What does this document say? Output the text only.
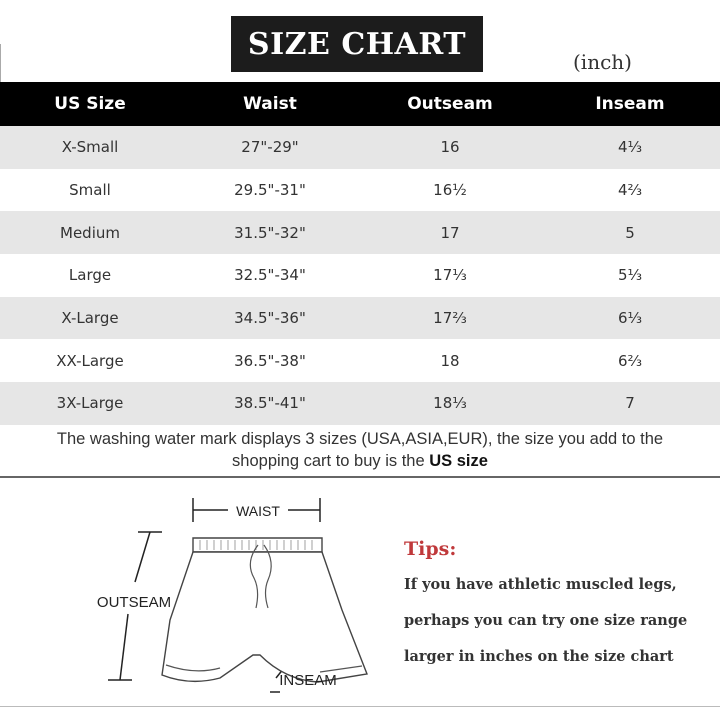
SIZE CHART
(inch)
US Size	Waist	Outseam	Inseam
X-Small	27"-29"	16	4⅓
Small	29.5"-31"	16½	4⅔
Medium	31.5"-32"	17	5
Large	32.5"-34"	17⅓	5⅓
X-Large	34.5"-36"	17⅔	6⅓
XX-Large	36.5"-38"	18	6⅔
3X-Large	38.5"-41"	18⅓	7
The washing water mark displays 3 sizes (USA,ASIA,EUR), the size you add to the
shopping cart to buy is the US size
WAIST
OUTSEAM
INSEAM
Tips:
If you have athletic muscled legs,
perhaps you can try one size range
larger in inches on the size chart
